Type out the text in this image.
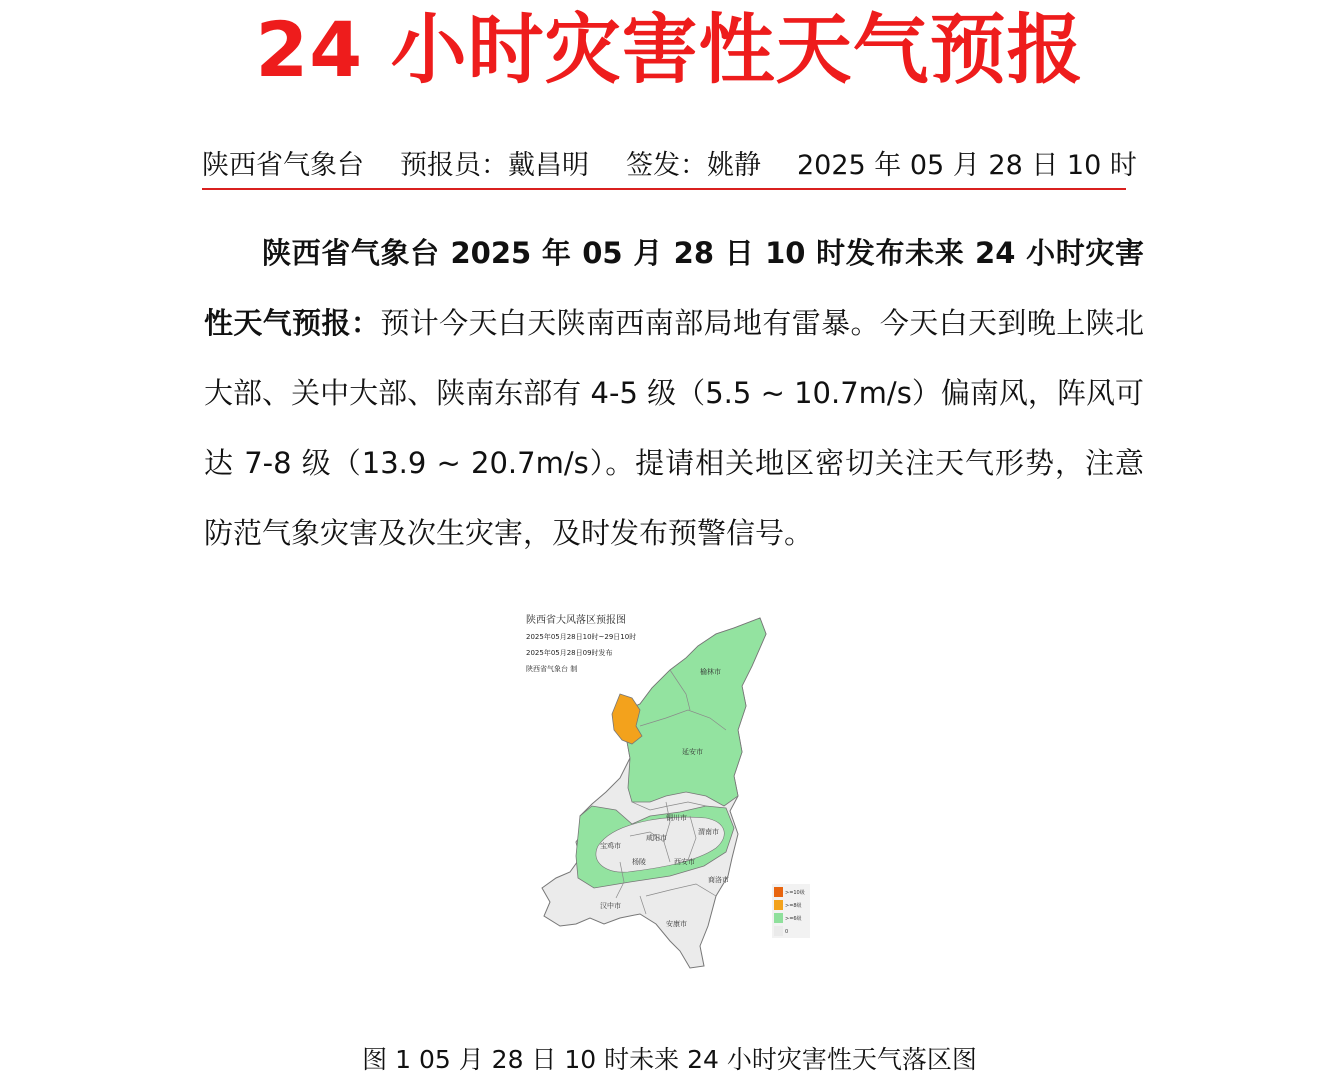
24 小时灾害性天气预报
陕西省气象台 预报员：戴昌明 签发：姚静 2025 年 05 月 28 日 10 时

陕西省气象台 2025 年 05 月 28 日 10 时发布未来 24 小时灾害性天气预报：预计今天白天陕南西南部局地有雷暴。今天白天到晚上陕北大部、关中大部、陕南东部有 4-5 级（5.5 ~ 10.7m/s）偏南风，阵风可达 7-8 级（13.9 ~ 20.7m/s）。提请相关地区密切关注天气形势，注意防范气象灾害及次生灾害，及时发布预警信号。

陕西省大风落区预报图
2025年05月28日10时~29日10时
2025年05月28日09时发布
陕西省气象台 制	榆林市
延安市
铜川市
渭南市
咸阳市
宝鸡市
杨陵	西安市
商洛市
汉中市
安康市
>=10级
>=8级
>=6级
0
图 1 05 月 28 日 10 时未来 24 小时灾害性天气落区图
